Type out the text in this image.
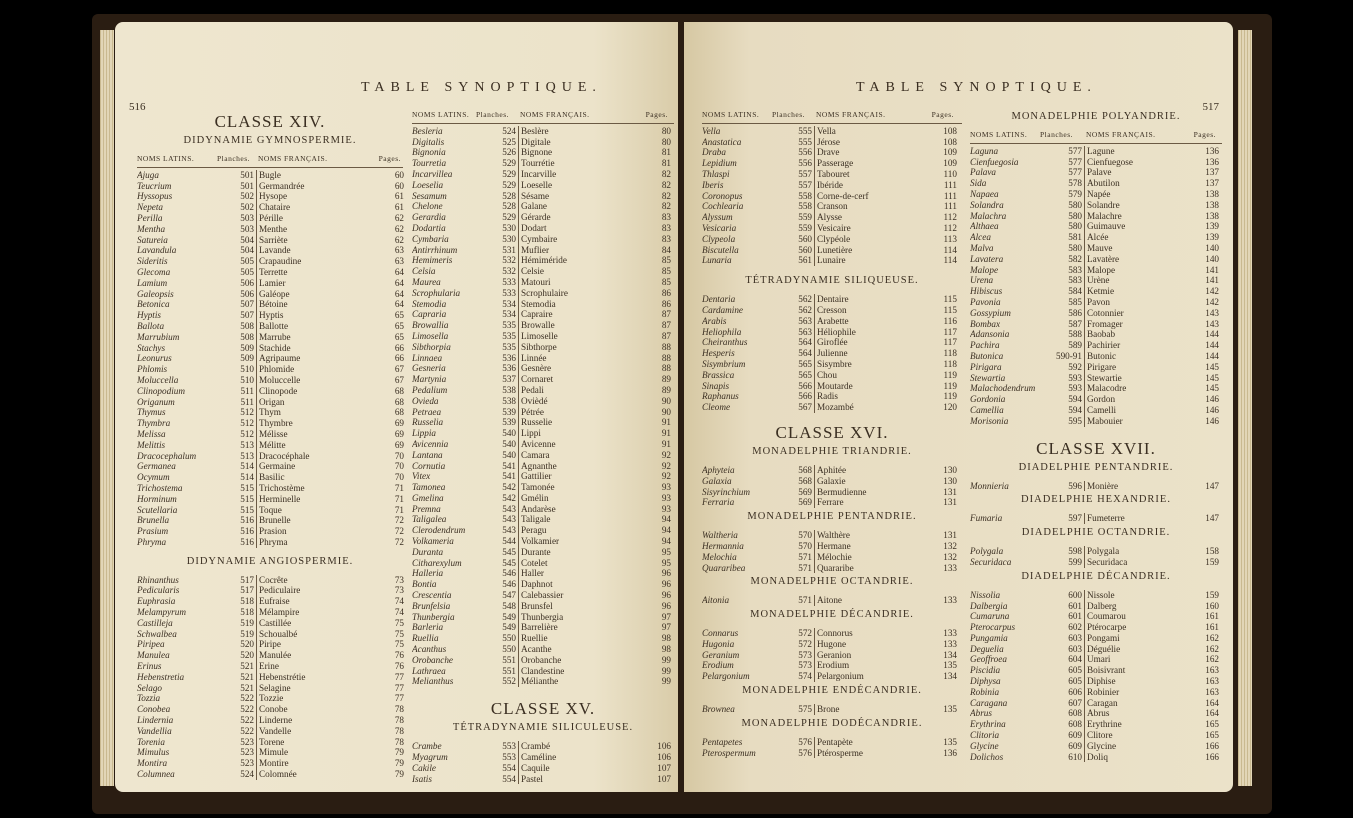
516
TABLE SYNOPTIQUE.
CLASSE XIV.
DIDYNAMIE GYMNOSPERMIE.
NOMS LATINS.	Planches.	NOMS FRANÇAIS.	Pages.
Ajuga	501 Bugle	60
Teucrium	501 Germandrée	60
Hyssopus	502 Hysope	61
Nepeta	502 Chataire	61
Perilla	503 Pérille	62
Mentha	503 Menthe	62
Satureia	504 Sarriète	62
Lavandula	504 Lavande	63
Sideritis	505 Crapaudine	63
Glecoma	505 Terrette	64
Lamium	506 Lamier	64
Galeopsis	506 Galéope	64
Betonica	507 Bétoine	64
Hyptis	507 Hyptis	65
Ballota	508 Ballotte	65
Marrubium	508 Marrube	65
Stachys	509 Stachide	66
Leonurus	509 Agripaume	66
Phlomis	510 Phlomide	67
Moluccella	510 Moluccelle	67
Clinopodium	511 Clinopode	68
Origanum	511 Origan	68
Thymus	512 Thym	68
Thymbra	512 Thymbre	69
Melissa	512 Mélisse	69
Melittis	513 Mélitte	69
Dracocephalum	513 Dracocéphale	70
Germanea	514 Germaine	70
Ocymum	514 Basilic	70
Trichostema	515 Trichostème	71
Horminum	515 Herminelle	71
Scutellaria	515 Toque	71
Brunella	516 Brunelle	72
Prasium	516 Prasion	72
Phryma	516 Phryma	72
DIDYNAMIE ANGIOSPERMIE.
Rhinanthus	517 Cocrête	73
Pedicularis	517 Pediculaire	73
Euphrasia	518 Eufraise	74
Melampyrum	518 Mélampire	74
Castilleja	519 Castillée	75
Schwalbea	519 Schoualbé	75
Piripea	520 Piripe	75
Manulea	520 Manulée	76
Erinus	521 Erine	76
Hebenstretia	521 Hebenstrétie	77
Selago	521 Selagine	77
Tozzia	522 Tozzie	77
Conobea	522 Conobe	78
Lindernia	522 Linderne	78
Vandellia	522 Vandelle	78
Torenia	523 Torene	78
Mimulus	523 Mimule	79
Montira	523 Montire	79
Columnea	524 Colomnée	79
NOMS LATINS. Planches.	NOMS FRANÇAIS.	Pages.
Besleria	524 Beslère	80
Digitalis	525 Digitale	80
Bignonia	526 Bignone	81
Tourretia	529 Tourrétie	81
Incarvillea	529 Incarville	82
Loeselia	529 Loeselle	82
Sesamum	528 Sésame	82
Chelone	528 Galane	82
Gerardia	529 Gérarde	83
Dodartia	530 Dodart	83
Cymbaria	530 Cymbaire	83
Antirrhinum	531 Muflier	84
Hemimeris	532 Hémiméride	85
Celsia	532 Celsie	85
Maurea	533 Matouri	85
Scrophularia	533 Scrophulaire	86
Stemodia	534 Stemodia	86
Capraria	534 Capraire	87
Browallia	535 Browalle	87
Limosella	535 Limoselle	87
Sibthorpia	535 Sibthorpe	88
Linnaea	536 Linnée	88
Gesneria	536 Gesnère	88
Martynia	537 Cornaret	89
Pedalium	538 Pedali	89
Ovieda	538 Ovièdé	90
Petraea	539 Pétrée	90
Russelia	539 Russelie	91
Lippia	540 Lippi	91
Avicennia	540 Avicenne	91
Lantana	540 Camara	92
Cornutia	541 Agnanthe	92
Vitex	541 Gattilier	92
Tamonea	542 Tamonée	93
Gmelina	542 Gmélin	93
Premna	543 Andarèse	93
Taligalea	543 Taligale	94
Clerodendrum	543 Peragu	94
Volkameria	544 Volkamier	94
Duranta	545 Durante	95
Citharexylum	545 Cotelet	95
Halleria	546 Haller	96
Bontia	546 Daphnot	96
Crescentia	547 Calebassier	96
Brunfelsia	548 Brunsfel	96
Thunbergia	549 Thunbergia	97
Barleria	549 Barrelière	97
Ruellia	550 Ruellie	98
Acanthus	550 Acanthe	98
Orobanche	551 Orobanche	99
Lathraea	551 Clandestine	99
Melianthus	552 Mélianthe	99
CLASSE XV.
TÉTRADYNAMIE SILICULEUSE.
Crambe	553 Crambé	106
Myagrum	553 Caméline	106
Cakile	554 Caquile	107
Isatis	554 Pastel	107
TABLE SYNOPTIQUE.
517
NOMS LATINS.	Planches.	NOMS FRANÇAIS.	Pages.
Vella	555 Vella	108
Anastatica	555 Jérose	108
Draba	556 Drave	109
Lepidium	556 Passerage	109
Thlaspi	557 Tabouret	110
Iberis	557 Ibéride	111
Coronopus	558 Corne-de-cerf	111
Cochlearia	558 Cranson	111
Alyssum	559 Alysse	112
Vesicaria	559 Vesicaire	112
Clypeola	560 Clypéole	113
Biscutella	560 Lunetière	114
Lunaria	561 Lunaire	114
TÉTRADYNAMIE SILIQUEUSE.
Dentaria	562 Dentaire	115
Cardamine	562 Cresson	115
Arabis	563 Arabette	116
Heliophila	563 Héliophile	117
Cheiranthus	564 Giroflée	117
Hesperis	564 Julienne	118
Sisymbrium	565 Sisymbre	118
Brassica	565 Chou	119
Sinapis	566 Moutarde	119
Raphanus	566 Radis	119
Cleome	567 Mozambé	120
CLASSE XVI.
MONADELPHIE TRIANDRIE.
Aphyteia	568 Aphitée	130
Galaxia	568 Galaxie	130
Sisyrinchium	569 Bermudienne	131
Ferraria	569 Ferrare	131
MONADELPHIE PENTANDRIE.
Waltheria	570 Walthère	131
Hermannia	570 Hermane	132
Melochia	571 Mélochie	132
Quararibea	571 Quararibe	133
MONADELPHIE OCTANDRIE.
Aitonia	571 Aitone	133
MONADELPHIE DÉCANDRIE.
Connarus	572 Connorus	133
Hugonia	572 Hugone	133
Geranium	573 Geranion	134
Erodium	573 Erodium	135
Pelargonium	574 Pelargonium	134
MONADELPHIE ENDÉCANDRIE.
Brownea	575 Brone	135
MONADELPHIE DODÉCANDRIE.
Pentapetes	576 Pentapète	135
Pterospermum	576 Ptérosperme	136
MONADELPHIE POLYANDRIE.
NOMS LATINS.	Planches.	NOMS FRANÇAIS.	Pages.
Laguna	577 Lagune	136
Cienfuegosia	577 Cienfuegose	136
Palava	577 Palave	137
Sida	578 Abutilon	137
Napaea	579 Napée	138
Solandra	580 Solandre	138
Malachra	580 Malachre	138
Althaea	580 Guimauve	139
Alcea	581 Alcée	139
Malva	580 Mauve	140
Lavatera	582 Lavatère	140
Malope	583 Malope	141
Urena	583 Urène	141
Hibiscus	584 Ketmie	142
Pavonia	585 Pavon	142
Gossypium	586 Cotonnier	143
Bombax	587 Fromager	143
Adansonia	588 Baobab	144
Pachira	589 Pachirier	144
Butonica	590-91 Butonic	144
Pirigara	592 Pirigare	145
Stewartia	593 Stewartie	145
Malachodendrum	593 Malacodre	145
Gordonia	594 Gordon	146
Camellia	594 Camelli	146
Morisonia	595 Mabouier	146
CLASSE XVII.
DIADELPHIE PENTANDRIE.
Monnieria	596 Monière	147
DIADELPHIE HEXANDRIE.
Fumaria	597 Fumeterre	147
DIADELPHIE OCTANDRIE.
Polygala	598 Polygala	158
Securidaca	599 Securidaca	159
DIADELPHIE DÉCANDRIE.
Nissolia	600 Nissole	159
Dalbergia	601 Dalberg	160
Cumaruna	601 Coumarou	161
Pterocarpus	602 Ptérocarpe	161
Pungamia	603 Pongami	162
Deguelia	603 Déguélie	162
Geoffroea	604 Umari	162
Piscidia	605 Boisivrant	163
Diphysa	605 Diphise	163
Robinia	606 Robinier	163
Caragana	607 Caragan	164
Abrus	608 Abrus	164
Erythrina	608 Erythrine	165
Clitoria	609 Clitore	165
Glycine	609 Glycine	166
Dolichos	610 Doliq	166
